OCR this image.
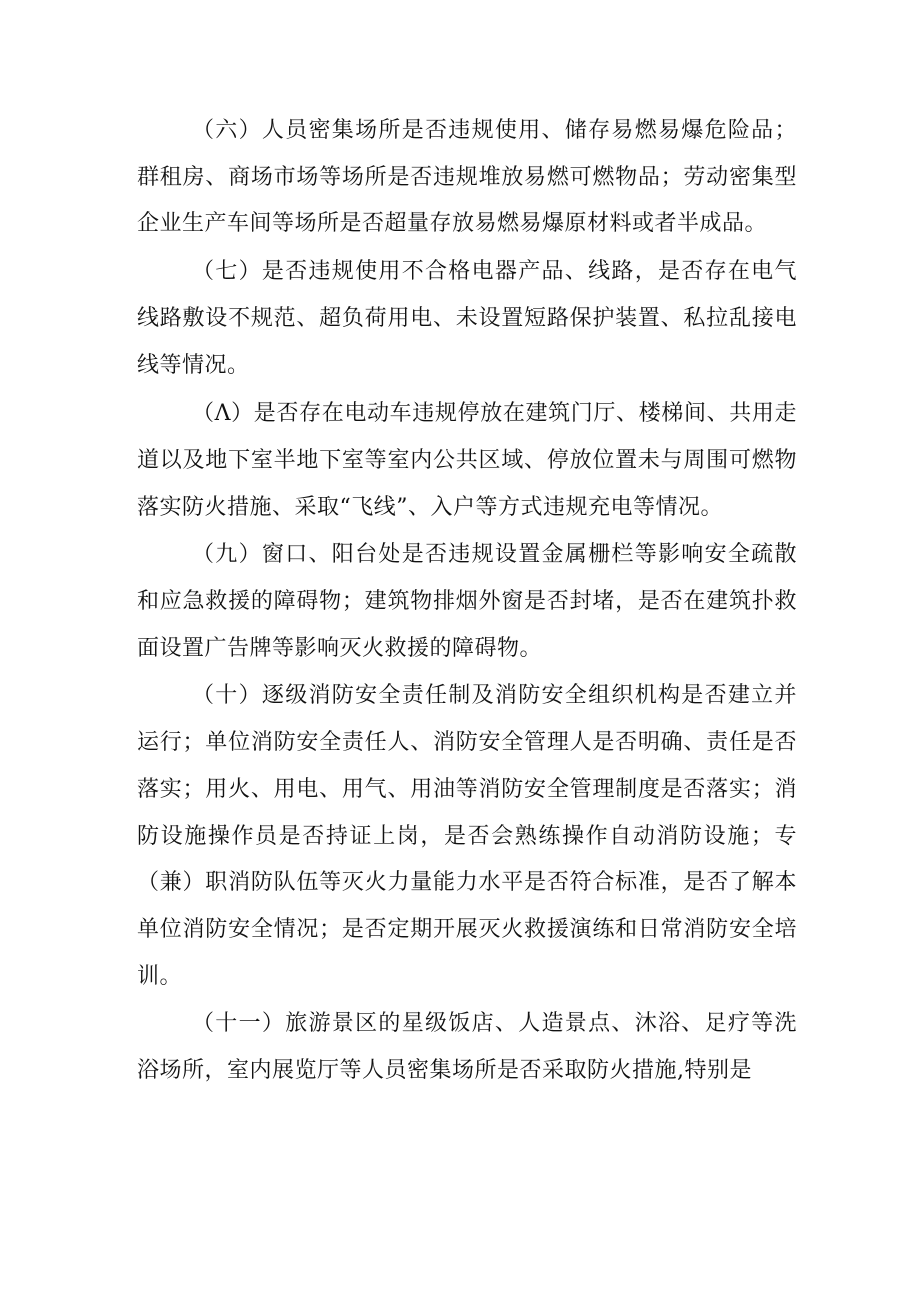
（六）人员密集场所是否违规使用、储存易燃易爆危险品；群租房、商场市场等场所是否违规堆放易燃可燃物品；劳动密集型企业生产车间等场所是否超量存放易燃易爆原材料或者半成品。

（七）是否违规使用不合格电器产品、线路，是否存在电气线路敷设不规范、超负荷用电、未设置短路保护装置、私拉乱接电线等情况。

（Λ）是否存在电动车违规停放在建筑门厅、楼梯间、共用走道以及地下室半地下室等室内公共区域、停放位置未与周围可燃物落实防火措施、采取“飞线”、入户等方式违规充电等情况。

（九）窗口、阳台处是否违规设置金属栅栏等影响安全疏散和应急救援的障碍物；建筑物排烟外窗是否封堵，是否在建筑扑救面设置广告牌等影响灭火救援的障碍物。

（十）逐级消防安全责任制及消防安全组织机构是否建立并运行；单位消防安全责任人、消防安全管理人是否明确、责任是否落实；用火、用电、用气、用油等消防安全管理制度是否落实；消防设施操作员是否持证上岗，是否会熟练操作自动消防设施；专（兼）职消防队伍等灭火力量能力水平是否符合标准，是否了解本单位消防安全情况；是否定期开展灭火救援演练和日常消防安全培训。

（十一）旅游景区的星级饭店、人造景点、沐浴、足疗等洗浴场所，室内展览厅等人员密集场所是否采取防火措施,特别是
